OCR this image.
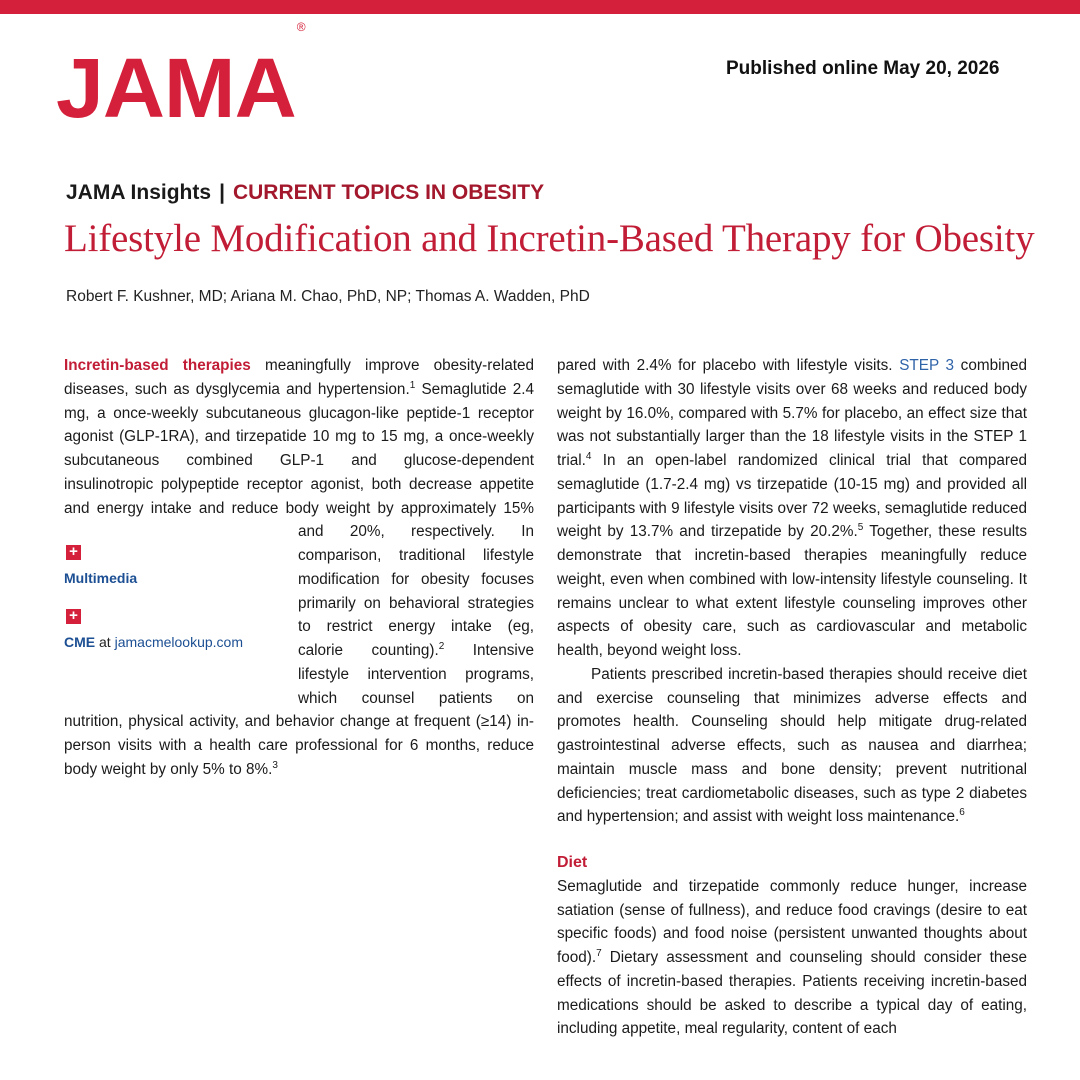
JAMA®
Published online May 20, 2026
JAMA Insights | CURRENT TOPICS IN OBESITY
Lifestyle Modification and Incretin-Based Therapy for Obesity
Robert F. Kushner, MD; Ariana M. Chao, PhD, NP; Thomas A. Wadden, PhD

Incretin-based therapies meaningfully improve obesity-related diseases, such as dysglycemia and hypertension.$^1$ Semaglutide 2.4 mg, a once-weekly subcutaneous glucagon-like peptide-1 receptor agonist (GLP-1RA), and tirzepatide 10 mg to 15 mg, a once-weekly subcutaneous combined GLP-1 and glucose-dependent insulinotropic polypeptide receptor agonist, both decrease appetite and energy intake and reduce body weight by approximately 15% and 20%, respectively.
+
Multimedia
+
CME at jamacmelookup.com
In comparison, traditional lifestyle modification for obesity focuses primarily on behavioral strategies to restrict energy intake (eg, calorie counting).$^2$ Intensive lifestyle intervention programs, which counsel patients on nutrition, physical activity, and behavior change at frequent (≥14) in-person visits with a health care professional for 6 months, reduce body weight by only 5% to 8%.$^3$

pared with 2.4% for placebo with lifestyle visits. STEP 3 combined semaglutide with 30 lifestyle visits over 68 weeks and reduced body weight by 16.0%, compared with 5.7% for placebo, an effect size that was not substantially larger than the 18 lifestyle visits in the STEP 1 trial.$^4$ In an open-label randomized clinical trial that compared semaglutide (1.7-2.4 mg) vs tirzepatide (10-15 mg) and provided all participants with 9 lifestyle visits over 72 weeks, semaglutide reduced weight by 13.7% and tirzepatide by 20.2%.$^5$ Together, these results demonstrate that incretin-based therapies meaningfully reduce weight, even when combined with low-intensity lifestyle counseling. It remains unclear to what extent lifestyle counseling improves other aspects of obesity care, such as cardiovascular and metabolic health, beyond weight loss.

Patients prescribed incretin-based therapies should receive diet and exercise counseling that minimizes adverse effects and promotes health. Counseling should help mitigate drug-related gastrointestinal adverse effects, such as nausea and diarrhea; maintain muscle mass and bone density; prevent nutritional deficiencies; treat cardiometabolic diseases, such as type 2 diabetes and hypertension; and assist with weight loss maintenance.$^6$

Diet

Semaglutide and tirzepatide commonly reduce hunger, increase satiation (sense of fullness), and reduce food cravings (desire to eat specific foods) and food noise (persistent unwanted thoughts about food).$^7$ Dietary assessment and counseling should consider these effects of incretin-based therapies. Patients receiving incretin-based medications should be asked to describe a typical day of eating, including appetite, meal regularity, content of each
